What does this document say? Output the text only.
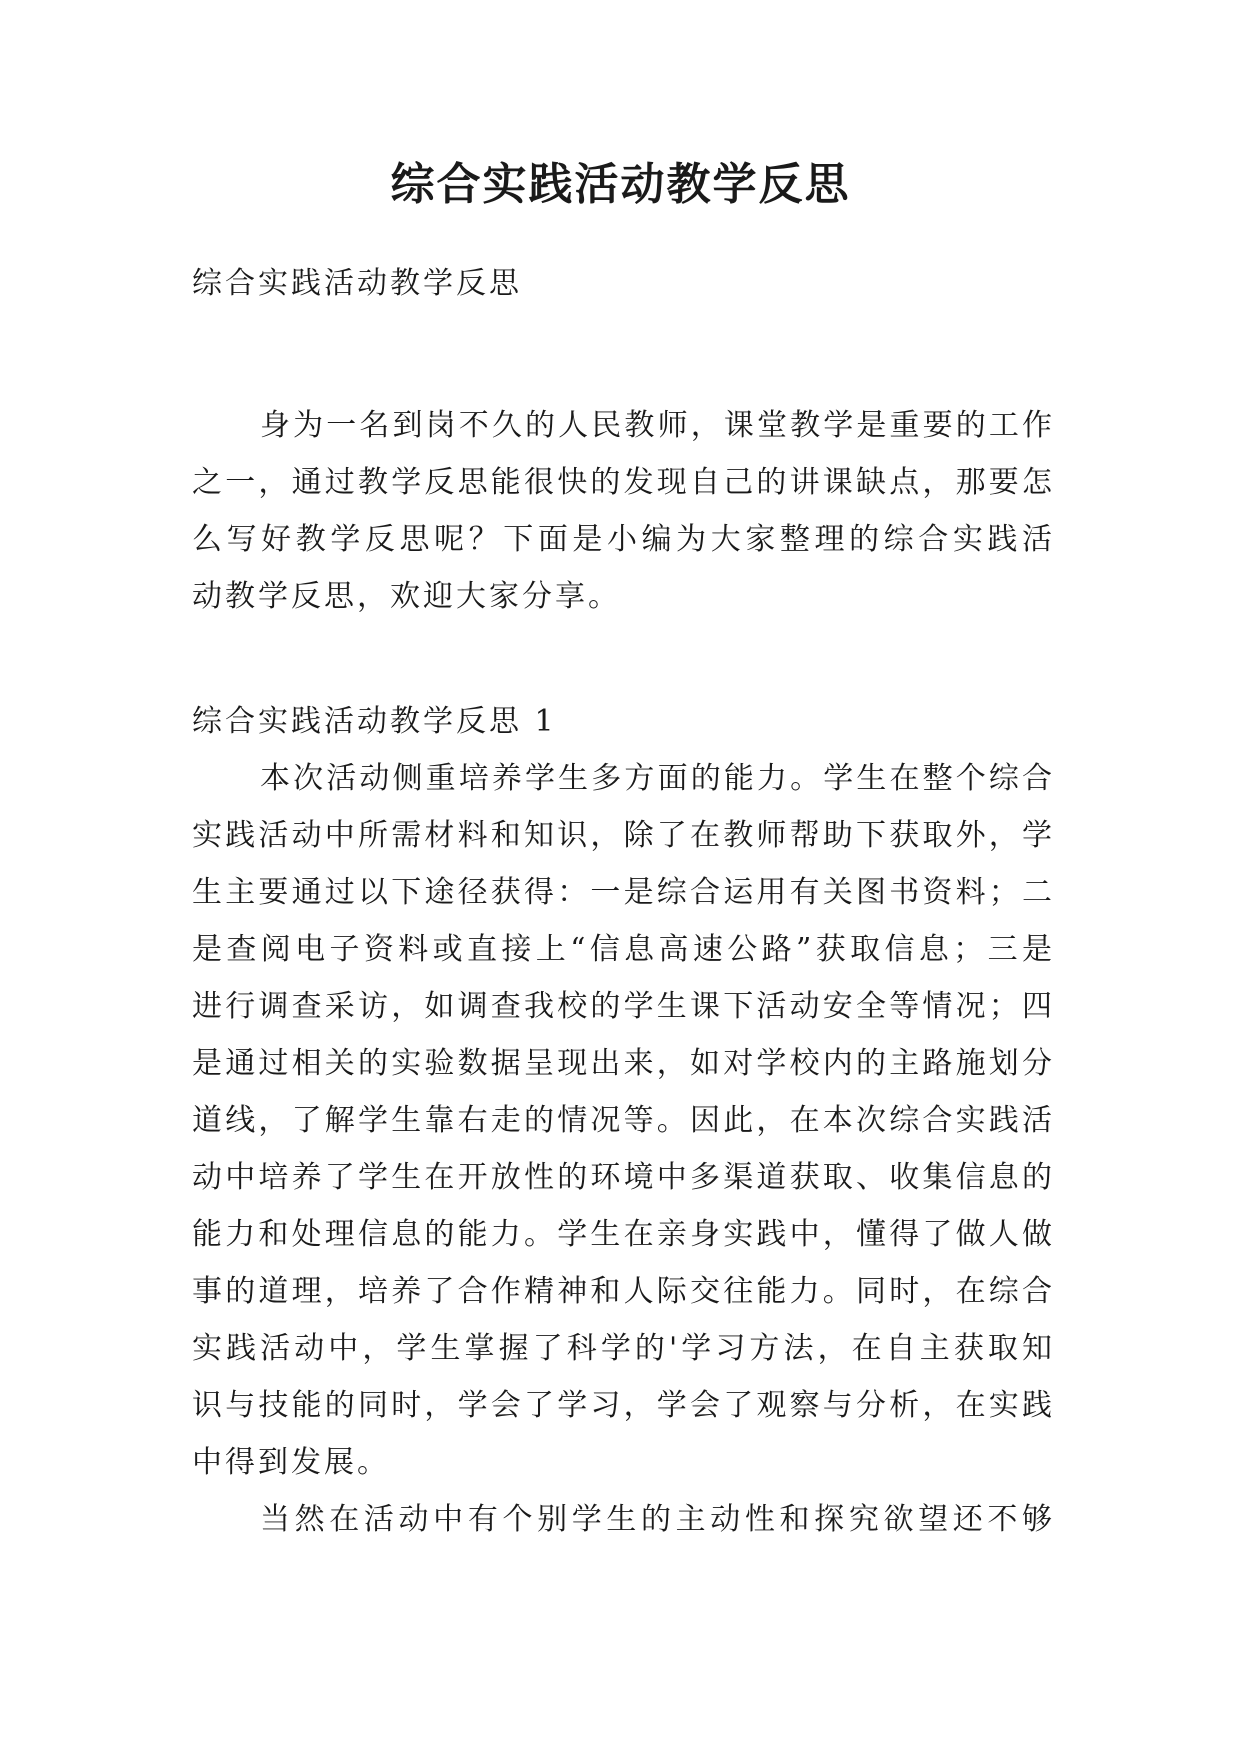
综合实践活动教学反思
综合实践活动教学反思
身为一名到岗不久的人民教师，课堂教学是重要的工作
之一，通过教学反思能很快的发现自己的讲课缺点，那要怎
么写好教学反思呢？下面是小编为大家整理的综合实践活
动教学反思，欢迎大家分享。
综合实践活动教学反思 1
本次活动侧重培养学生多方面的能力。学生在整个综合
实践活动中所需材料和知识，除了在教师帮助下获取外，学
生主要通过以下途径获得：一是综合运用有关图书资料；二
是查阅电子资料或直接上“信息高速公路”获取信息；三是
进行调查采访，如调查我校的学生课下活动安全等情况；四
是通过相关的实验数据呈现出来，如对学校内的主路施划分
道线，了解学生靠右走的情况等。因此，在本次综合实践活
动中培养了学生在开放性的环境中多渠道获取、收集信息的
能力和处理信息的能力。学生在亲身实践中，懂得了做人做
事的道理，培养了合作精神和人际交往能力。同时，在综合
实践活动中，学生掌握了科学的'学习方法，在自主获取知
识与技能的同时，学会了学习，学会了观察与分析，在实践
中得到发展。
当然在活动中有个别学生的主动性和探究欲望还不够
